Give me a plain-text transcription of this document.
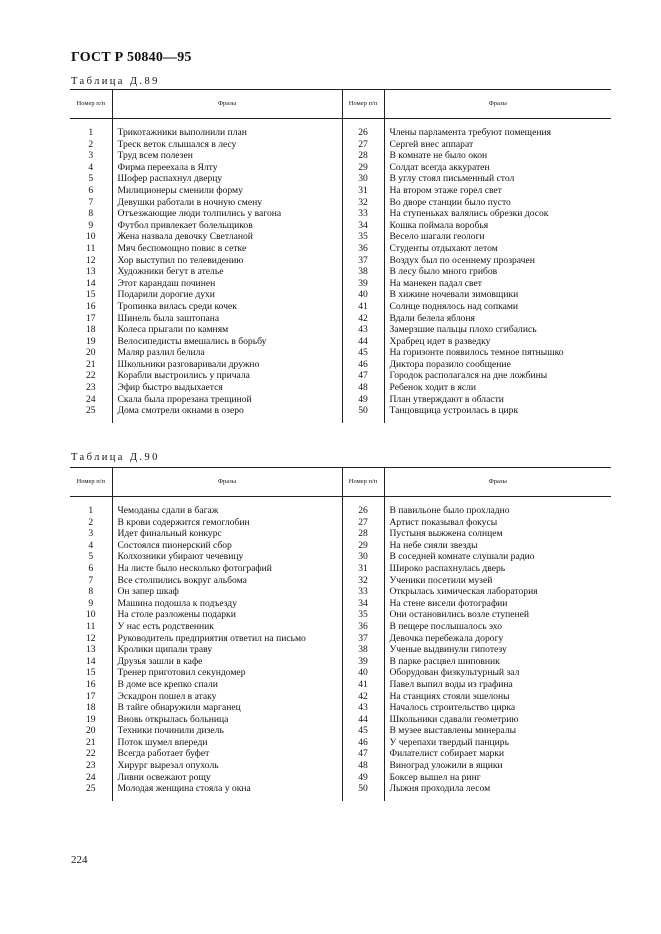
ГОСТ Р 50840—95
Таблица Д.89
Номер п/п	Фразы	Номер п/п	Фразы

1	Трикотажники выполнили план	26	Члены парламента требуют помещения
2	Треск веток слышался в лесу	27	Сергей внес аппарат
3	Труд всем полезен	28	В комнате не было окон
4	Фирма переехала в Ялту	29	Солдат всегда аккуратен
5	Шофер распахнул дверцу	30	В углу стоял письменный стол
6	Милиционеры сменили форму	31	На втором этаже горел свет
7	Девушки работали в ночную смену	32	Во дворе станции было пусто
8	Отъезжающие люди толпились у вагона	33	На ступеньках валялись обрезки досок
9	Футбол привлекает болельщиков	34	Кошка поймала воробья
10	Жена назвала девочку Светланой	35	Весело шагали геологи
11	Мяч беспомощно повис в сетке	36	Студенты отдыхают летом
12	Хор выступил по телевидению	37	Воздух был по осеннему прозрачен
13	Художники бегут в ателье	38	В лесу было много грибов
14	Этот карандаш починен	39	На манекен падал свет
15	Подарили дорогие духи	40	В хижине ночевали зимовщики
16	Тропинка вилась среди кочек	41	Солнце поднялось над сопками
17	Шинель была заштопана	42	Вдали белела яблоня
18	Колеса прыгали по камням	43	Замерзшие пальцы плохо сгибались
19	Велосипедисты вмешались в борьбу	44	Храбрец идет в разведку
20	Маляр разлил белила	45	На горизонте появилось темное пятнышко
21	Школьники разговаривали дружно	46	Диктора поразило сообщение
22	Корабли выстроились у причала	47	Городок располагался на дне ложбины
23	Эфир быстро выдыхается	48	Ребенок ходит в ясли
24	Скала была прорезана трещиной	49	План утверждают в области
25	Дома смотрели окнами в озеро	50	Танцовщица устроилась в цирк
Таблица Д.90
Номер п/п	Фразы	Номер п/п	Фразы

1	Чемоданы сдали в багаж	26	В павильоне было прохладно
2	В крови содержится гемоглобин	27	Артист показывал фокусы
3	Идет финальный конкурс	28	Пустыня выжжена солнцем
4	Состоялся пионерский сбор	29	На небе сияли звезды
5	Колхозники убирают чечевицу	30	В соседней комнате слушали радио
6	На листе было несколько фотографий	31	Широко распахнулась дверь
7	Все столпились вокруг альбома	32	Ученики посетили музей
8	Он запер шкаф	33	Открылась химическая лаборатория
9	Машина подошла к подъезду	34	На стене висели фотографии
10	На столе разложены подарки	35	Они остановились возле ступеней
11	У нас есть родственник	36	В пещере послышалось эхо
12	Руководитель предприятия ответил на письмо	37	Девочка перебежала дорогу
13	Кролики щипали траву	38	Ученые выдвинули гипотезу
14	Друзья зашли в кафе	39	В парке расцвел шиповник
15	Тренер приготовил секундомер	40	Оборудован физкультурный зал
16	В доме все крепко спали	41	Павел выпил воды из графина
17	Эскадрон пошел в атаку	42	На станциях стояли эшелоны
18	В тайге обнаружили марганец	43	Началось строительство цирка
19	Вновь открылась больница	44	Школьники сдавали геометрию
20	Техники починили дизель	45	В музее выставлены минералы
21	Поток шумел впереди	46	У черепахи твердый панцирь
22	Всегда работает буфет	47	Филателист собирает марки
23	Хирург вырезал опухоль	48	Виноград уложили в ящики
24	Ливни освежают рощу	49	Боксер вышел на ринг
25	Молодая женщина стояла у окна	50	Лыжня проходила лесом
224
